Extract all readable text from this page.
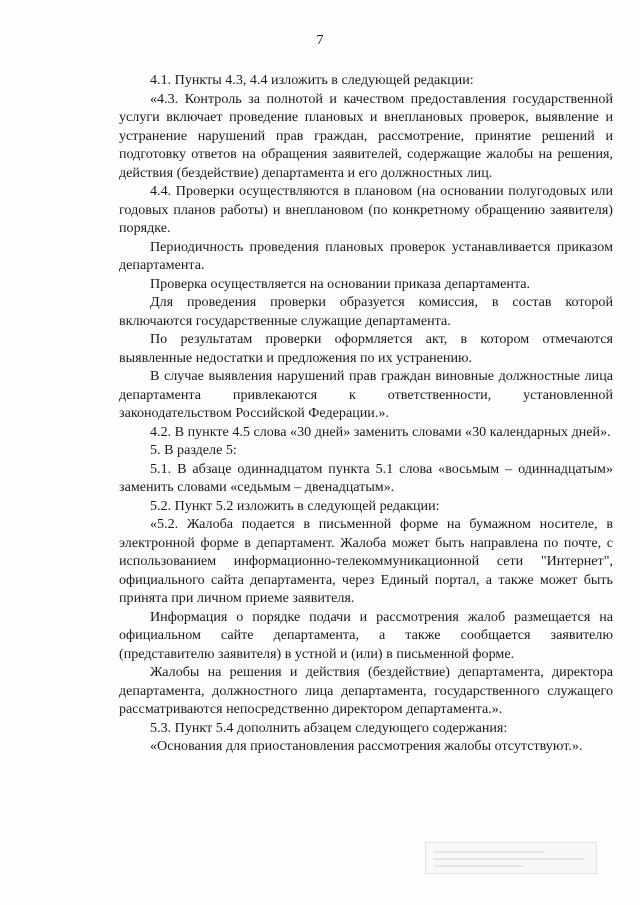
7

4.1. Пункты 4.3, 4.4 изложить в следующей редакции:

«4.3. Контроль за полнотой и качеством предоставления государственной услуги включает проведение плановых и внеплановых проверок, выявление и устранение нарушений прав граждан, рассмотрение, принятие решений и подготовку ответов на обращения заявителей, содержащие жалобы на решения, действия (бездействие) департамента и его должностных лиц.

4.4. Проверки осуществляются в плановом (на основании полугодовых или годовых планов работы) и внеплановом (по конкретному обращению заявителя) порядке.

Периодичность проведения плановых проверок устанавливается приказом департамента.

Проверка осуществляется на основании приказа департамента.

Для проведения проверки образуется комиссия, в состав которой включаются государственные служащие департамента.

По результатам проверки оформляется акт, в котором отмечаются выявленные недостатки и предложения по их устранению.

В случае выявления нарушений прав граждан виновные должностные лица департамента привлекаются к ответственности, установленной законодательством Российской Федерации.».

4.2. В пункте 4.5 слова «30 дней» заменить словами «30 календарных дней».

5. В разделе 5:

5.1. В абзаце одиннадцатом пункта 5.1 слова «восьмым – одиннадцатым» заменить словами «седьмым – двенадцатым».

5.2. Пункт 5.2 изложить в следующей редакции:

«5.2. Жалоба подается в письменной форме на бумажном носителе, в электронной форме в департамент. Жалоба может быть направлена по почте, с использованием информационно-телекоммуникационной сети "Интернет", официального сайта департамента, через Единый портал, а также может быть принята при личном приеме заявителя.

Информация о порядке подачи и рассмотрения жалоб размещается на официальном сайте департамента, а также сообщается заявителю (представителю заявителя) в устной и (или) в письменной форме.

Жалобы на решения и действия (бездействие) департамента, директора департамента, должностного лица департамента, государственного служащего рассматриваются непосредственно директором департамента.».

5.3. Пункт 5.4 дополнить абзацем следующего содержания:

«Основания для приостановления рассмотрения жалобы отсутствуют.».
